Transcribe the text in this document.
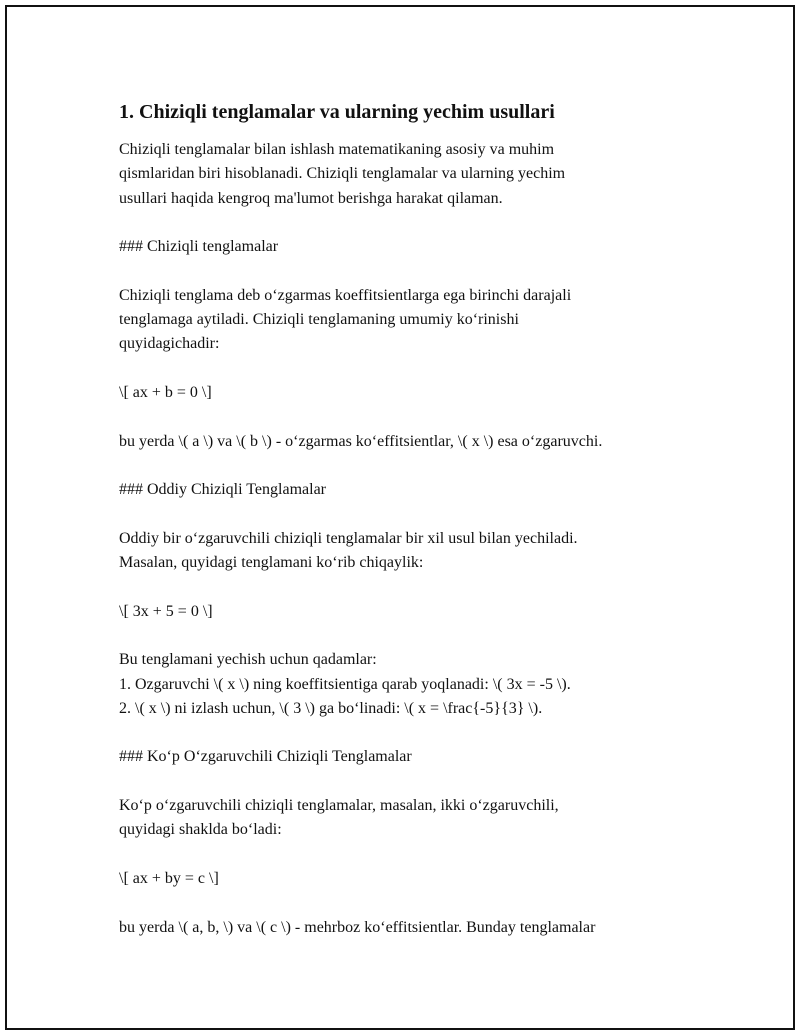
1. Chiziqli tenglamalar va ularning yechim usullari

Chiziqli tenglamalar bilan ishlash matematikaning asosiy va muhim

qismlaridan biri hisoblanadi. Chiziqli tenglamalar va ularning yechim

usullari haqida kengroq ma'lumot berishga harakat qilaman.

### Chiziqli tenglamalar

Chiziqli tenglama deb o‘zgarmas koeffitsientlarga ega birinchi darajali

tenglamaga aytiladi. Chiziqli tenglamaning umumiy ko‘rinishi

quyidagichadir:

\[ ax + b = 0 \]

bu yerda \( a \) va \( b \) - o‘zgarmas ko‘effitsientlar, \( x \) esa o‘zgaruvchi.

### Oddiy Chiziqli Tenglamalar

Oddiy bir o‘zgaruvchili chiziqli tenglamalar bir xil usul bilan yechiladi.

Masalan, quyidagi tenglamani ko‘rib chiqaylik:

\[ 3x + 5 = 0 \]

Bu tenglamani yechish uchun qadamlar:

1. Ozgaruvchi \( x \) ning koeffitsientiga qarab yoqlanadi: \( 3x = -5 \).

2. \( x \) ni izlash uchun, \( 3 \) ga bo‘linadi: \( x = \frac{-5}{3} \).

### Ko‘p O‘zgaruvchili Chiziqli Tenglamalar

Ko‘p o‘zgaruvchili chiziqli tenglamalar, masalan, ikki o‘zgaruvchili,

quyidagi shaklda bo‘ladi:

\[ ax + by = c \]

bu yerda \( a, b, \) va \( c \) - mehrboz ko‘effitsientlar. Bunday tenglamalar
